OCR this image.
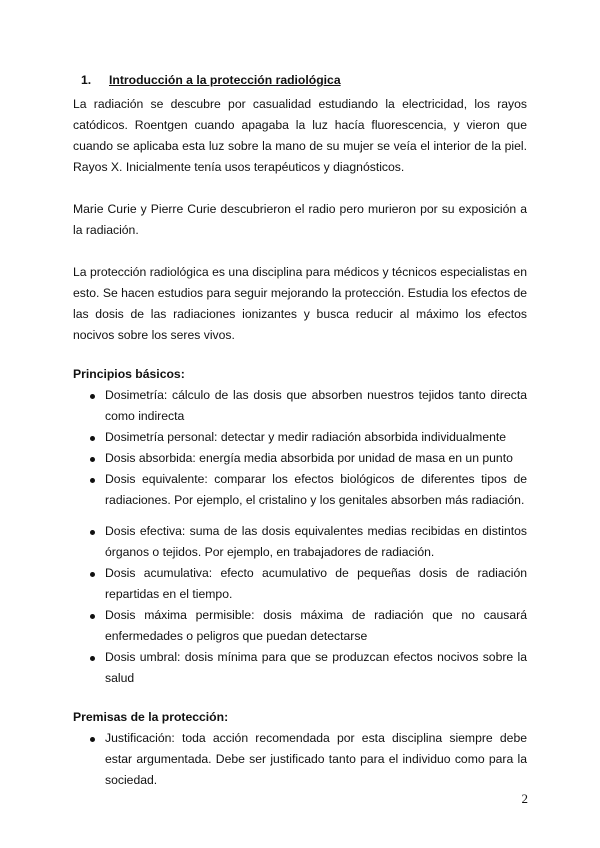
1. Introducción a la protección radiológica

La radiación se descubre por casualidad estudiando la electricidad, los rayos catódicos. Roentgen cuando apagaba la luz hacía fluorescencia, y vieron que cuando se aplicaba esta luz sobre la mano de su mujer se veía el interior de la piel. Rayos X. Inicialmente tenía usos terapéuticos y diagnósticos.

Marie Curie y Pierre Curie descubrieron el radio pero murieron por su exposición a la radiación.

La protección radiológica es una disciplina para médicos y técnicos especialistas en esto. Se hacen estudios para seguir mejorando la protección. Estudia los efectos de las dosis de las radiaciones ionizantes y busca reducir al máximo los efectos nocivos sobre los seres vivos.

Principios básicos:
Dosimetría: cálculo de las dosis que absorben nuestros tejidos tanto directa como indirecta
Dosimetría personal: detectar y medir radiación absorbida individualmente
Dosis absorbida: energía media absorbida por unidad de masa en un punto
Dosis equivalente: comparar los efectos biológicos de diferentes tipos de radiaciones. Por ejemplo, el cristalino y los genitales absorben más radiación.
Dosis efectiva: suma de las dosis equivalentes medias recibidas en distintos órganos o tejidos. Por ejemplo, en trabajadores de radiación.
Dosis acumulativa: efecto acumulativo de pequeñas dosis de radiación repartidas en el tiempo.
Dosis máxima permisible: dosis máxima de radiación que no causará enfermedades o peligros que puedan detectarse
Dosis umbral: dosis mínima para que se produzcan efectos nocivos sobre la salud
Premisas de la protección:
Justificación: toda acción recomendada por esta disciplina siempre debe estar argumentada. Debe ser justificado tanto para el individuo como para la sociedad.
2
